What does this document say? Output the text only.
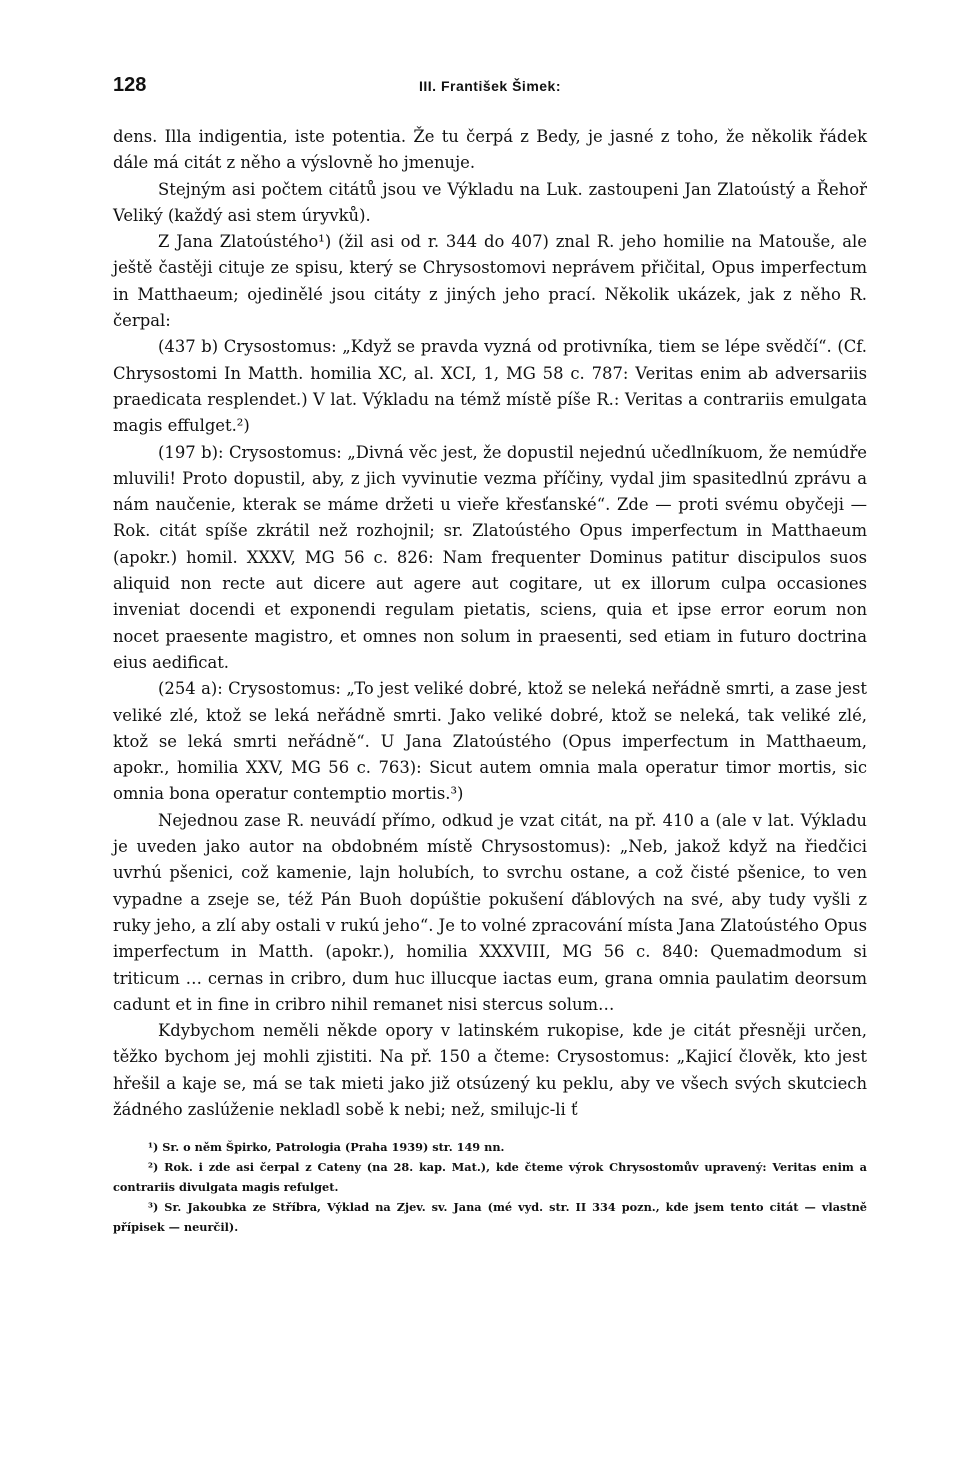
128	III. František Šimek:

dens. Illa indigentia, iste potentia. Že tu čerpá z Bedy, je jasné z toho, že několik řádek dále má citát z něho a výslovně ho jmenuje.

Stejným asi počtem citátů jsou ve Výkladu na Luk. zastoupeni Jan Zlatoústý a Řehoř Veliký (každý asi stem úryvků).

Z Jana Zlatoústého¹) (žil asi od r. 344 do 407) znal R. jeho homilie na Matouše, ale ještě častěji cituje ze spisu, který se Chrysostomovi neprávem přičital, Opus imperfectum in Matthaeum; ojedinělé jsou citáty z jiných jeho prací. Několik ukázek, jak z něho R. čerpal:

(437 b) Crysostomus: „Když se pravda vyzná od protivníka, tiem se lépe svědčí“. (Cf. Chrysostomi In Matth. homilia XC, al. XCI, 1, MG 58 c. 787: Veritas enim ab adversariis praedicata resplendet.) V lat. Výkladu na témž místě píše R.: Veritas a contrariis emulgata magis effulget.²)

(197 b): Crysostomus: „Divná věc jest, že dopustil nejednú učedlníkuom, že nemúdře mluvili! Proto dopustil, aby, z jich vyvinutie vezma příčiny, vydal jim spasitedlnú zprávu a nám naučenie, kterak se máme držeti u vieře křesťanské“. Zde — proti svému obyčeji — Rok. citát spíše zkrátil než rozhojnil; sr. Zlatoústého Opus imperfectum in Matthaeum (apokr.) homil. XXXV, MG 56 c. 826: Nam frequenter Dominus patitur discipulos suos aliquid non recte aut dicere aut agere aut cogitare, ut ex illorum culpa occasiones inveniat docendi et exponendi regulam pietatis, sciens, quia et ipse error eorum non nocet praesente magistro, et omnes non solum in praesenti, sed etiam in futuro doctrina eius aedificat.

(254 a): Crysostomus: „To jest veliké dobré, ktož se neleká neřádně smrti, a zase jest veliké zlé, ktož se leká neřádně smrti. Jako veliké dobré, ktož se neleká, tak veliké zlé, ktož se leká smrti neřádně“. U Jana Zlatoústého (Opus imperfectum in Matthaeum, apokr., homilia XXV, MG 56 c. 763): Sicut autem omnia mala operatur timor mortis, sic omnia bona operatur contemptio mortis.³)

Nejednou zase R. neuvádí přímo, odkud je vzat citát, na př. 410 a (ale v lat. Výkladu je uveden jako autor na obdobném místě Chrysostomus): „Neb, jakož když na řiedčici uvrhú pšenici, což kamenie, lajn holubích, to svrchu ostane, a což čisté pšenice, to ven vypadne a zseje se, též Pán Buoh dopúštie pokušení ďáblových na své, aby tudy vyšli z ruky jeho, a zlí aby ostali v rukú jeho“. Je to volné zpracování místa Jana Zlatoústého Opus imperfectum in Matth. (apokr.), homilia XXXVIII, MG 56 c. 840: Quemadmodum si triticum … cernas in cribro, dum huc illucque iactas eum, grana omnia paulatim deorsum cadunt et in fine in cribro nihil remanet nisi stercus solum…

Kdybychom neměli někde opory v latinském rukopise, kde je citát přesněji určen, těžko bychom jej mohli zjistiti. Na př. 150 a čteme: Crysostomus: „Kajicí člověk, kto jest hřešil a kaje se, má se tak mieti jako již otsúzený ku peklu, aby ve všech svých skutciech žádného zaslúženie nekladl sobě k nebi; než, smilujc-li ť

¹) Sr. o něm Špirko, Patrologia (Praha 1939) str. 149 nn.

²) Rok. i zde asi čerpal z Cateny (na 28. kap. Mat.), kde čteme výrok Chrysostomův upravený: Veritas enim a contrariis divulgata magis refulget.

³) Sr. Jakoubka ze Stříbra, Výklad na Zjev. sv. Jana (mé vyd. str. II 334 pozn., kde jsem tento citát — vlastně přípisek — neurčil).
